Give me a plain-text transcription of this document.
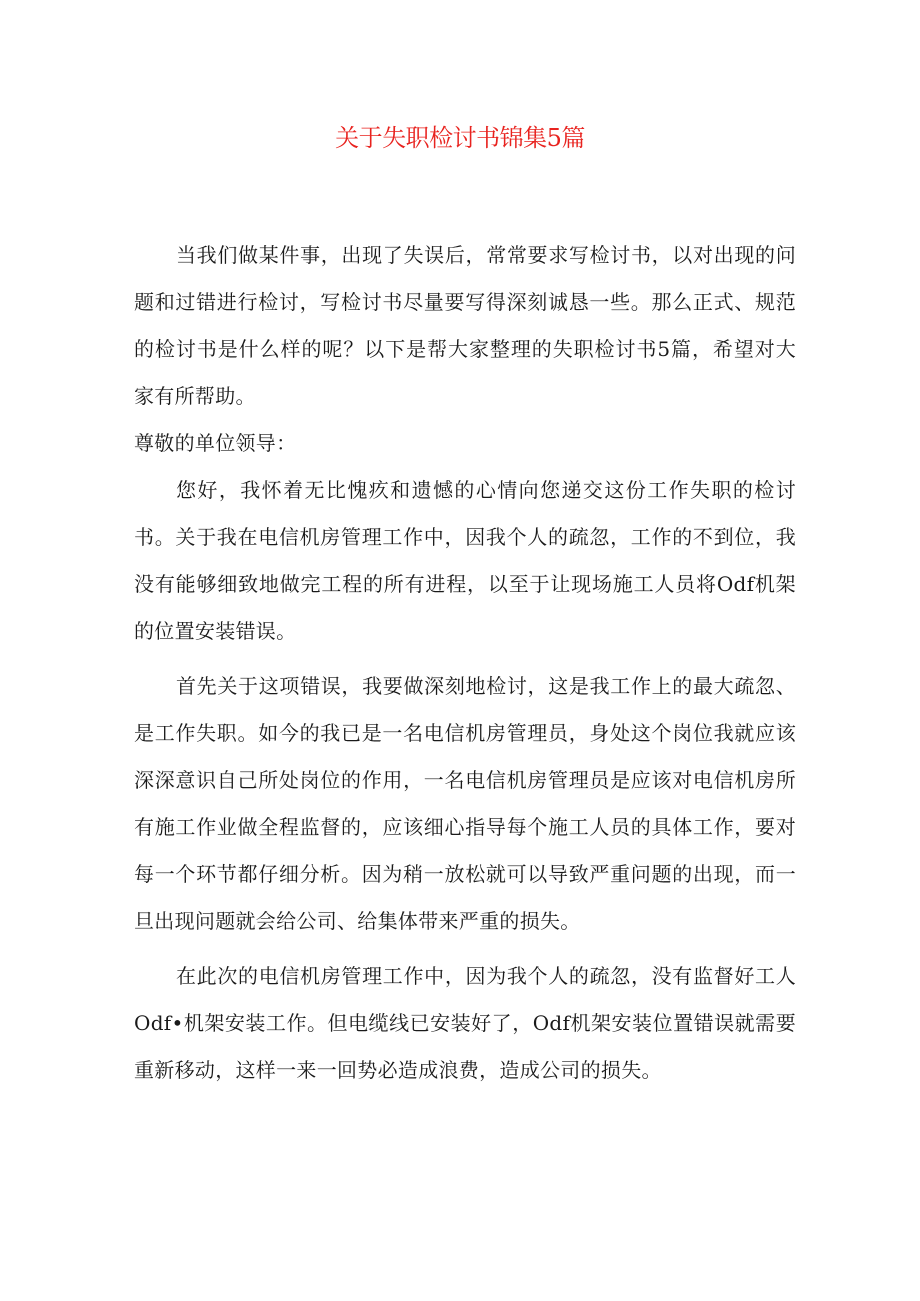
关于失职检讨书锦集5篇

当我们做某件事，出现了失误后，常常要求写检讨书，以对出现的问题和过错进行检讨，写检讨书尽量要写得深刻诚恳一些。那么正式、规范的检讨书是什么样的呢？以下是帮大家整理的失职检讨书5篇，希望对大家有所帮助。

尊敬的单位领导：

您好，我怀着无比愧疚和遗憾的心情向您递交这份工作失职的检讨书。关于我在电信机房管理工作中，因我个人的疏忽，工作的不到位，我没有能够细致地做完工程的所有进程，以至于让现场施工人员将Odf机架的位置安装错误。

首先关于这项错误，我要做深刻地检讨，这是我工作上的最大疏忽、是工作失职。如今的我已是一名电信机房管理员，身处这个岗位我就应该深深意识自己所处岗位的作用，一名电信机房管理员是应该对电信机房所有施工作业做全程监督的，应该细心指导每个施工人员的具体工作，要对每一个环节都仔细分析。因为稍一放松就可以导致严重问题的出现，而一旦出现问题就会给公司、给集体带来严重的损失。

在此次的电信机房管理工作中，因为我个人的疏忽，没有监督好工人Odf•机架安装工作。但电缆线已安装好了，Odf机架安装位置错误就需要重新移动，这样一来一回势必造成浪费，造成公司的损失。
